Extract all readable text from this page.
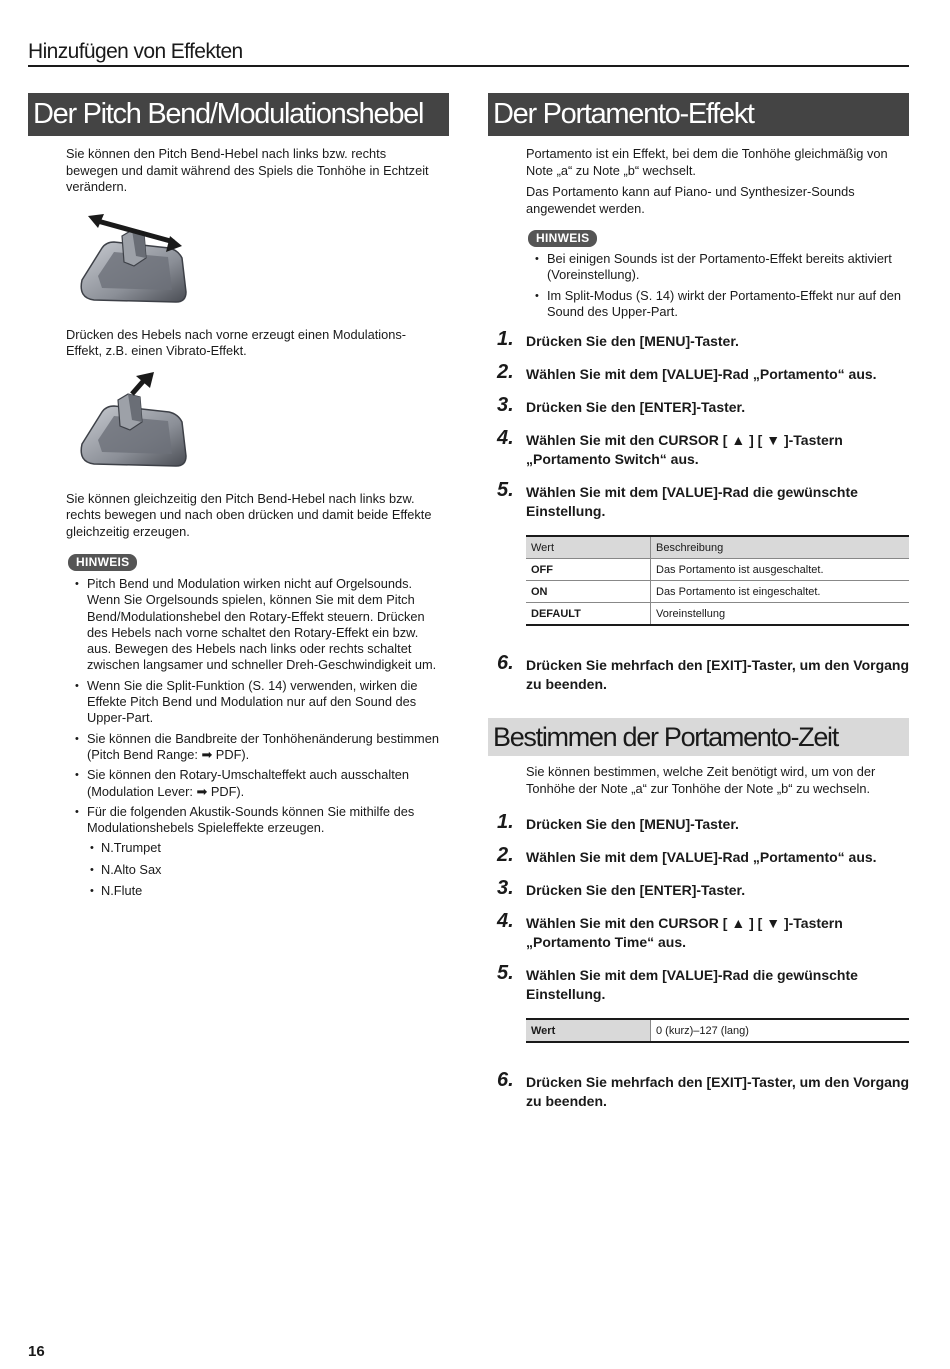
Hinzufügen von Effekten
Der Pitch Bend/Modulationshebel

Sie können den Pitch Bend-Hebel nach links bzw. rechts bewegen und damit während des Spiels die Tonhöhe in Echtzeit verändern.

Drücken des Hebels nach vorne erzeugt einen Modulations-Effekt, z.B. einen Vibrato-Effekt.

Sie können gleichzeitig den Pitch Bend-Hebel nach links bzw. rechts bewegen und nach oben drücken und damit beide Effekte gleichzeitig erzeugen.

HINWEIS
• Pitch Bend und Modulation wirken nicht auf Orgelsounds. Wenn Sie Orgelsounds spielen, können Sie mit dem Pitch Bend/Modulationshebel den Rotary-Effekt steuern. Drücken des Hebels nach vorne schaltet den Rotary-Effekt ein bzw. aus. Bewegen des Hebels nach links oder rechts schaltet zwischen langsamer und schneller Dreh-Geschwindigkeit um.
• Wenn Sie die Split-Funktion (S. 14) verwenden, wirken die Effekte Pitch Bend und Modulation nur auf den Sound des Upper-Part.
• Sie können die Bandbreite der Tonhöhenänderung bestimmen (Pitch Bend Range: ➡ PDF).
• Sie können den Rotary-Umschalteffekt auch ausschalten (Modulation Lever: ➡ PDF).
• Für die folgenden Akustik-Sounds können Sie mithilfe des Modulationshebels Spieleffekte erzeugen.
• N.Trumpet
• N.Alto Sax
• N.Flute
Der Portamento-Effekt

Portamento ist ein Effekt, bei dem die Tonhöhe gleichmäßig von Note „a“ zu Note „b“ wechselt.

Das Portamento kann auf Piano- und Synthesizer-Sounds angewendet werden.

HINWEIS
• Bei einigen Sounds ist der Portamento-Effekt bereits aktiviert (Voreinstellung).
• Im Split-Modus (S. 14) wirkt der Portamento-Effekt nur auf den Sound des Upper-Part.
1. Drücken Sie den [MENU]-Taster.
2. Wählen Sie mit dem [VALUE]-Rad „Portamento“ aus.
3. Drücken Sie den [ENTER]-Taster.
4. Wählen Sie mit den CURSOR [ ▲ ] [ ▼ ]-Tastern „Portamento Switch“ aus.
5. Wählen Sie mit dem [VALUE]-Rad die gewünschte Einstellung.
Wert	Beschreibung
OFF	Das Portamento ist ausgeschaltet.
ON	Das Portamento ist eingeschaltet.
DEFAULT	Voreinstellung
6. Drücken Sie mehrfach den [EXIT]-Taster, um den Vorgang zu beenden.
Bestimmen der Portamento-Zeit

Sie können bestimmen, welche Zeit benötigt wird, um von der Tonhöhe der Note „a“ zur Tonhöhe der Note „b“ zu wechseln.

1. Drücken Sie den [MENU]-Taster.
2. Wählen Sie mit dem [VALUE]-Rad „Portamento“ aus.
3. Drücken Sie den [ENTER]-Taster.
4. Wählen Sie mit den CURSOR [ ▲ ] [ ▼ ]-Tastern „Portamento Time“ aus.
5. Wählen Sie mit dem [VALUE]-Rad die gewünschte Einstellung.
Wert	0 (kurz)–127 (lang)
6. Drücken Sie mehrfach den [EXIT]-Taster, um den Vorgang zu beenden.
16
